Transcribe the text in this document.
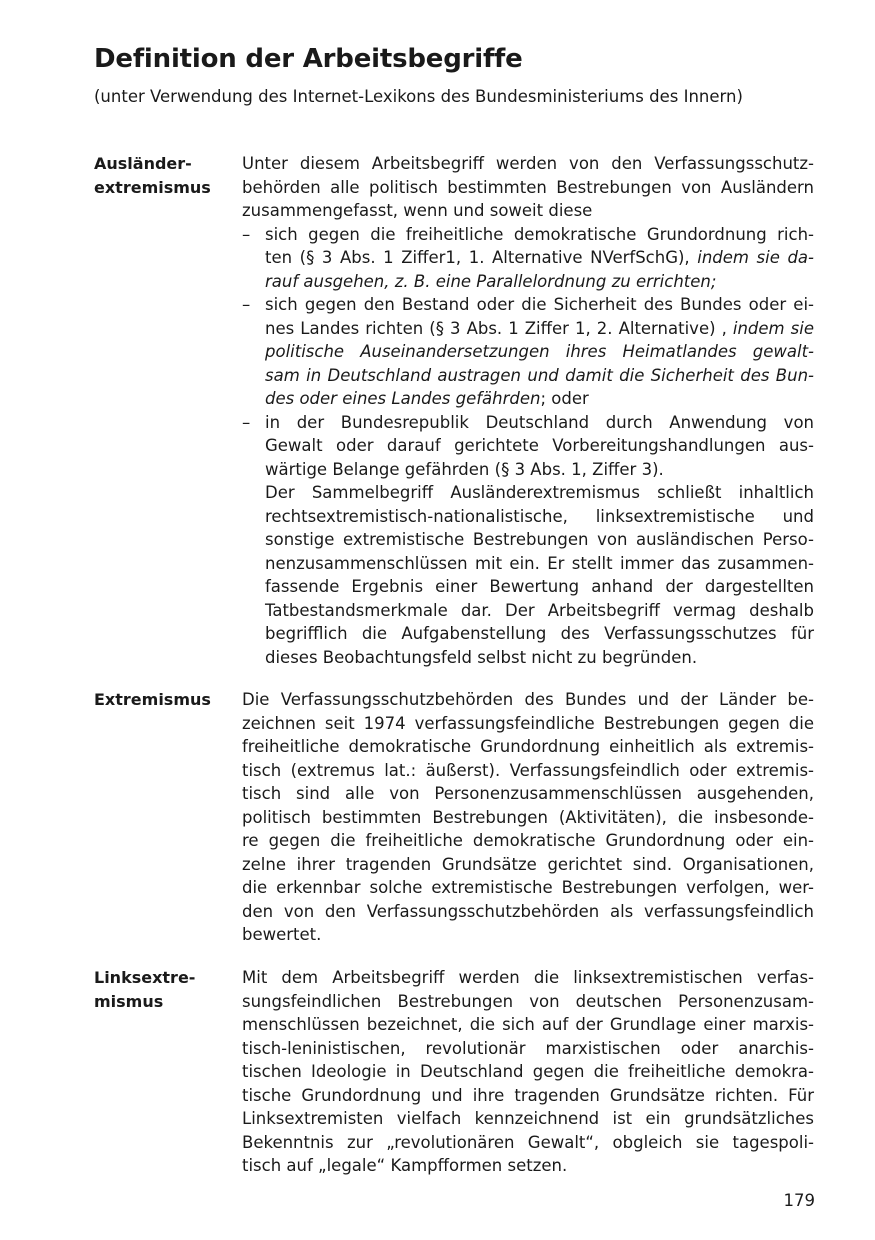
Definition der Arbeitsbegriffe

(unter Verwendung des Internet-Lexikons des Bundesministeriums des Innern)

Ausländer-
extremismus
Unter diesem Arbeitsbegriff werden von den Verfassungsschutz-
behörden alle politisch bestimmten Bestrebungen von Ausländern
zusammengefasst, wenn und soweit diese
– sich gegen die freiheitliche demokratische Grundordnung rich-
ten (§ 3 Abs. 1 Ziffer1, 1. Alternative NVerfSchG), indem sie da-
rauf ausgehen, z. B. eine Parallelordnung zu errichten;
– sich gegen den Bestand oder die Sicherheit des Bundes oder ei-
nes Landes richten (§ 3 Abs. 1 Ziffer 1, 2. Alternative) , indem sie
politische Auseinandersetzungen ihres Heimatlandes gewalt-
sam in Deutschland austragen und damit die Sicherheit des Bun-
des oder eines Landes gefährden; oder
– in der Bundesrepublik Deutschland durch Anwendung von
Gewalt oder darauf gerichtete Vorbereitungshandlungen aus-
wärtige Belange gefährden (§ 3 Abs. 1, Ziffer 3).
Der Sammelbegriff Ausländerextremismus schließt inhaltlich
rechtsextremistisch-nationalistische, linksextremistische und
sonstige extremistische Bestrebungen von ausländischen Perso-
nenzusammenschlüssen mit ein. Er stellt immer das zusammen-
fassende Ergebnis einer Bewertung anhand der dargestellten
Tatbestandsmerkmale dar. Der Arbeitsbegriff vermag deshalb
begrifflich die Aufgabenstellung des Verfassungsschutzes für
dieses Beobachtungsfeld selbst nicht zu begründen.
Extremismus	Die Verfassungsschutzbehörden des Bundes und der Länder be-
zeichnen seit 1974 verfassungsfeindliche Bestrebungen gegen die
freiheitliche demokratische Grundordnung einheitlich als extremis-
tisch (extremus lat.: äußerst). Verfassungsfeindlich oder extremis-
tisch sind alle von Personenzusammenschlüssen ausgehenden,
politisch bestimmten Bestrebungen (Aktivitäten), die insbesonde-
re gegen die freiheitliche demokratische Grundordnung oder ein-
zelne ihrer tragenden Grundsätze gerichtet sind. Organisationen,
die erkennbar solche extremistische Bestrebungen verfolgen, wer-
den von den Verfassungsschutzbehörden als verfassungsfeindlich
bewertet.
Linksextre-
mismus
Mit dem Arbeitsbegriff werden die linksextremistischen verfas-
sungsfeindlichen Bestrebungen von deutschen Personenzusam-
menschlüssen bezeichnet, die sich auf der Grundlage einer marxis-
tisch-leninistischen, revolutionär marxistischen oder anarchis-
tischen Ideologie in Deutschland gegen die freiheitliche demokra-
tische Grundordnung und ihre tragenden Grundsätze richten. Für
Linksextremisten vielfach kennzeichnend ist ein grundsätzliches
Bekenntnis zur „revolutionären Gewalt“, obgleich sie tagespoli-
tisch auf „legale“ Kampfformen setzen.
179
